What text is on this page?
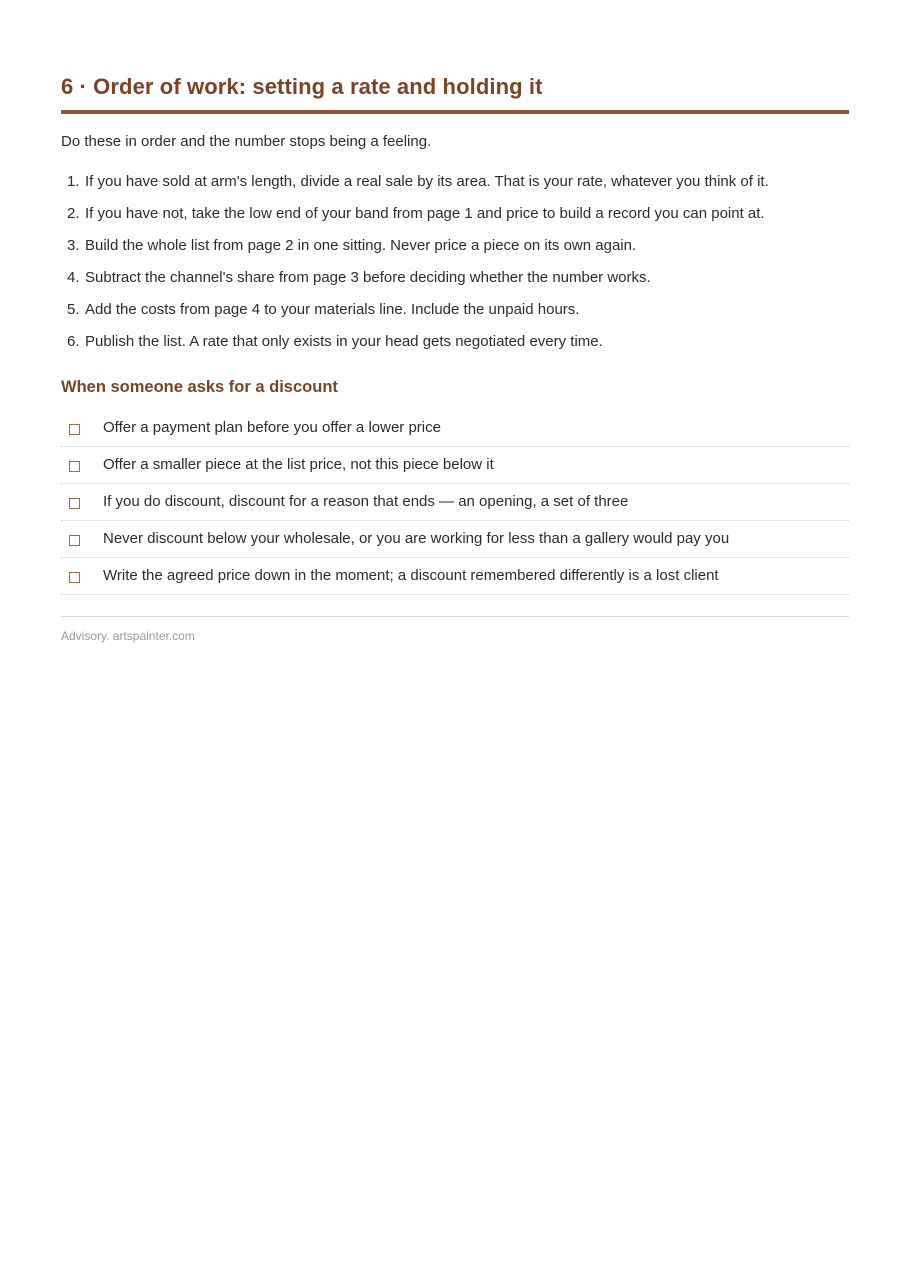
6 · Order of work: setting a rate and holding it

Do these in order and the number stops being a feeling.

1. If you have sold at arm's length, divide a real sale by its area. That is your rate, whatever you think of it.
2. If you have not, take the low end of your band from page 1 and price to build a record you can point at.
3. Build the whole list from page 2 in one sitting. Never price a piece on its own again.
4. Subtract the channel's share from page 3 before deciding whether the number works.
5. Add the costs from page 4 to your materials line. Include the unpaid hours.
6. Publish the list. A rate that only exists in your head gets negotiated every time.
When someone asks for a discount
Offer a payment plan before you offer a lower price
Offer a smaller piece at the list price, not this piece below it
If you do discount, discount for a reason that ends — an opening, a set of three
Never discount below your wholesale, or you are working for less than a gallery would pay you
Write the agreed price down in the moment; a discount remembered differently is a lost client

Advisory. artspainter.com
